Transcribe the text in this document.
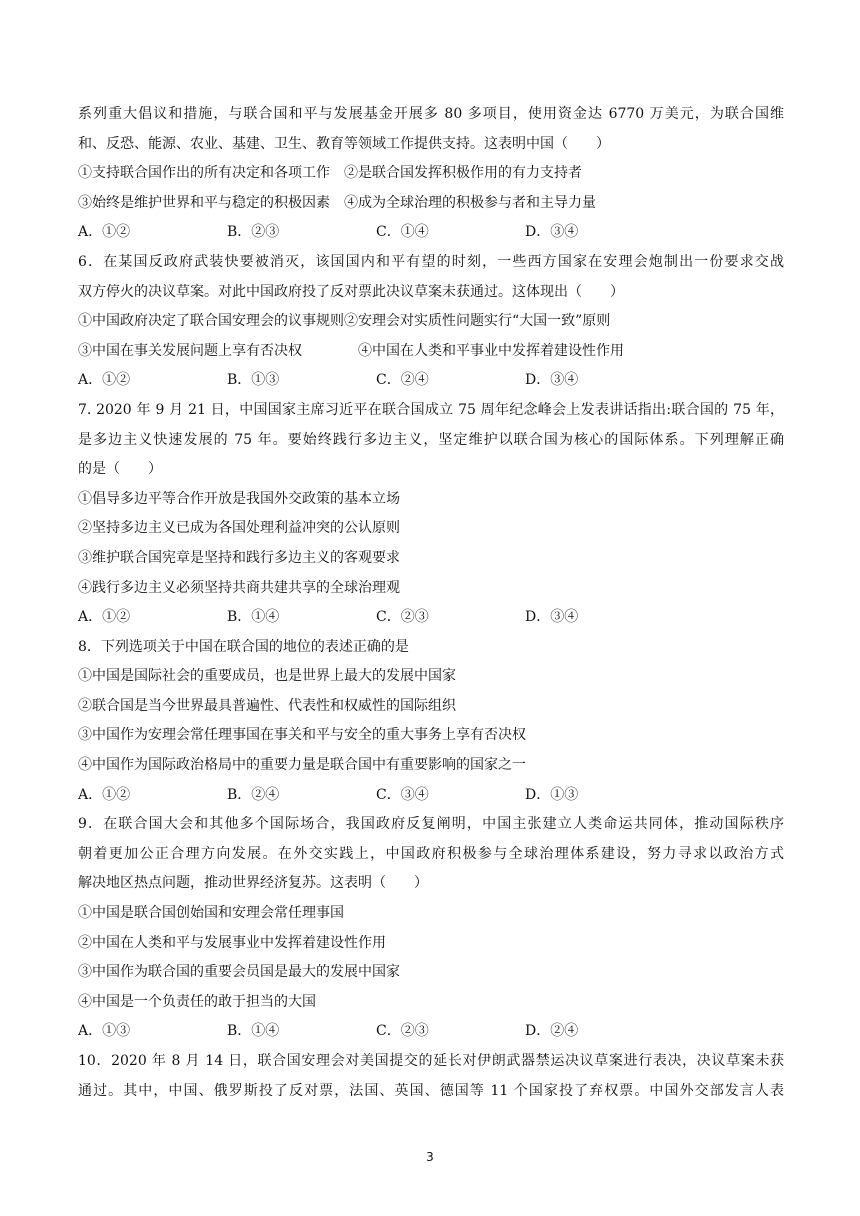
系列重大倡议和措施，与联合国和平与发展基金开展多 80 多项目，使用资金达 6770 万美元，为联合国维
和、反恐、能源、农业、基建、卫生、教育等领域工作提供支持。这表明中国（　　）
①支持联合国作出的所有决定和各项工作　②是联合国发挥积极作用的有力支持者
③始终是维护世界和平与稳定的积极因素　④成为全球治理的积极参与者和主导力量
A．①②	B．②③	C．①④	D．③④
6．在某国反政府武装快要被消灭，该国国内和平有望的时刻，一些西方国家在安理会炮制出一份要求交战
双方停火的决议草案。对此中国政府投了反对票此决议草案未获通过。这体现出（　　）
①中国政府决定了联合国安理会的议事规则②安理会对实质性问题实行“大国一致”原则
③中国在事关发展问题上享有否决权　　　　④中国在人类和平事业中发挥着建设性作用
A．①②	B．①③	C．②④	D．③④
7. 2020 年 9 月 21 日，中国国家主席习近平在联合国成立 75 周年纪念峰会上发表讲话指出:联合国的 75 年，
是多边主义快速发展的 75 年。要始终践行多边主义，坚定维护以联合国为核心的国际体系。下列理解正确
的是（　　）
①倡导多边平等合作开放是我国外交政策的基本立场
②坚持多边主义已成为各国处理利益冲突的公认原则
③维护联合国宪章是坚持和践行多边主义的客观要求
④践行多边主义必须坚持共商共建共享的全球治理观
A．①②	B．①④	C．②③	D．③④
8．下列选项关于中国在联合国的地位的表述正确的是
①中国是国际社会的重要成员，也是世界上最大的发展中国家
②联合国是当今世界最具普遍性、代表性和权威性的国际组织
③中国作为安理会常任理事国在事关和平与安全的重大事务上享有否决权
④中国作为国际政治格局中的重要力量是联合国中有重要影响的国家之一
A．①②	B．②④	C．③④	D．①③
9．在联合国大会和其他多个国际场合，我国政府反复阐明，中国主张建立人类命运共同体，推动国际秩序
朝着更加公正合理方向发展。在外交实践上，中国政府积极参与全球治理体系建设，努力寻求以政治方式
解决地区热点问题，推动世界经济复苏。这表明（　　）
①中国是联合国创始国和安理会常任理事国
②中国在人类和平与发展事业中发挥着建设性作用
③中国作为联合国的重要会员国是最大的发展中国家
④中国是一个负责任的敢于担当的大国
A．①③	B．①④	C．②③	D．②④
10．2020 年 8 月 14 日，联合国安理会对美国提交的延长对伊朗武器禁运决议草案进行表决，决议草案未获
通过。其中，中国、俄罗斯投了反对票，法国、英国、德国等 11 个国家投了弃权票。中国外交部发言人表
3
